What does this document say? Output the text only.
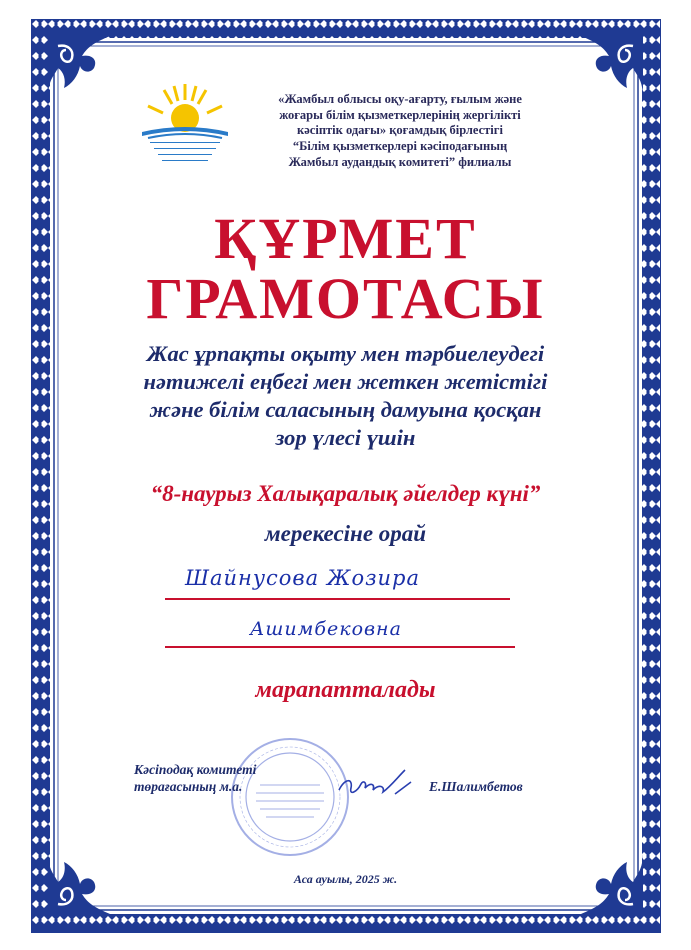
«Жамбыл облысы оқу-ағарту, ғылым және
жоғары білім қызметкерлерінің жергілікті
кәсіптік одағы» қоғамдық бірлестігі
“Білім қызметкерлері кәсіподағының
Жамбыл аудандық комитеті” филиалы
ҚҰРМЕТ
ГРАМОТАСЫ
Жас ұрпақты оқыту мен тәрбиелеудегі
нәтижелі еңбегі мен жеткен жетістігі
және білім саласының дамуына қосқан
зор үлесі үшін
“8-наурыз Халықаралық әйелдер күні”
мерекесіне орай
Шайнусова Жозира
Ашимбековна
марапатталады
Кәсіподақ комитеті
төрағасының м.а.	Е.Шалимбетов
Аса ауылы, 2025 ж.
